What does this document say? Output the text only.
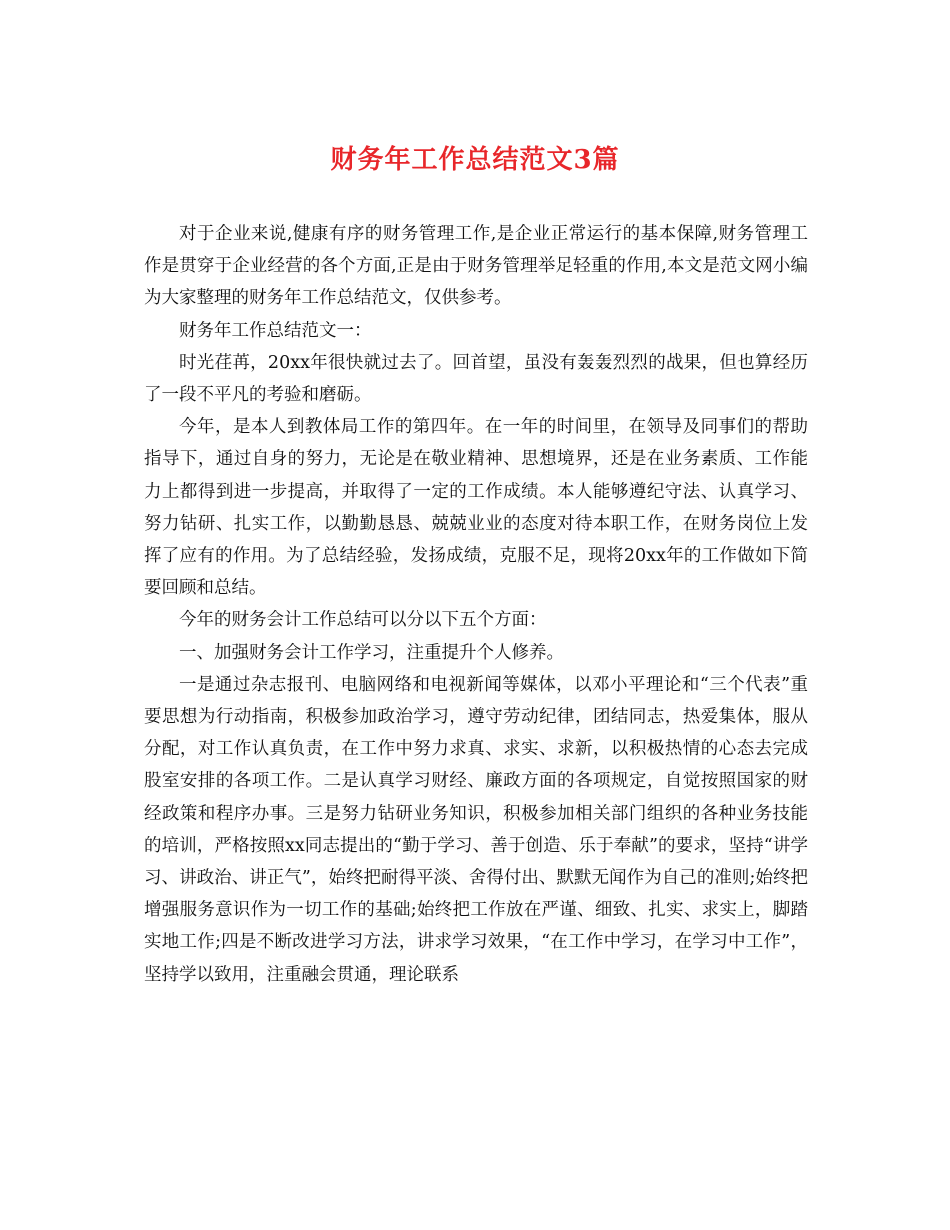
财务年工作总结范文3篇

对于企业来说,健康有序的财务管理工作,是企业正常运行的基本保障,财务管理工作是贯穿于企业经营的各个方面,正是由于财务管理举足轻重的作用,本文是范文网小编为大家整理的财务年工作总结范文，仅供参考。

财务年工作总结范文一：

时光荏苒，20xx年很快就过去了。回首望，虽没有轰轰烈烈的战果，但也算经历了一段不平凡的考验和磨砺。

今年，是本人到教体局工作的第四年。在一年的时间里，在领导及同事们的帮助指导下，通过自身的努力，无论是在敬业精神、思想境界，还是在业务素质、工作能力上都得到进一步提高，并取得了一定的工作成绩。本人能够遵纪守法、认真学习、努力钻研、扎实工作，以勤勤恳恳、兢兢业业的态度对待本职工作，在财务岗位上发挥了应有的作用。为了总结经验，发扬成绩，克服不足，现将20xx年的工作做如下简要回顾和总结。

今年的财务会计工作总结可以分以下五个方面：

一、加强财务会计工作学习，注重提升个人修养。

一是通过杂志报刊、电脑网络和电视新闻等媒体，以邓小平理论和“三个代表”重要思想为行动指南，积极参加政治学习，遵守劳动纪律，团结同志，热爱集体，服从分配，对工作认真负责，在工作中努力求真、求实、求新，以积极热情的心态去完成股室安排的各项工作。二是认真学习财经、廉政方面的各项规定，自觉按照国家的财经政策和程序办事。三是努力钻研业务知识，积极参加相关部门组织的各种业务技能的培训，严格按照xx同志提出的“勤于学习、善于创造、乐于奉献”的要求，坚持“讲学习、讲政治、讲正气”，始终把耐得平淡、舍得付出、默默无闻作为自己的准则;始终把增强服务意识作为一切工作的基础;始终把工作放在严谨、细致、扎实、求实上，脚踏实地工作;四是不断改进学习方法，讲求学习效果，“在工作中学习，在学习中工作”，坚持学以致用，注重融会贯通，理论联系
